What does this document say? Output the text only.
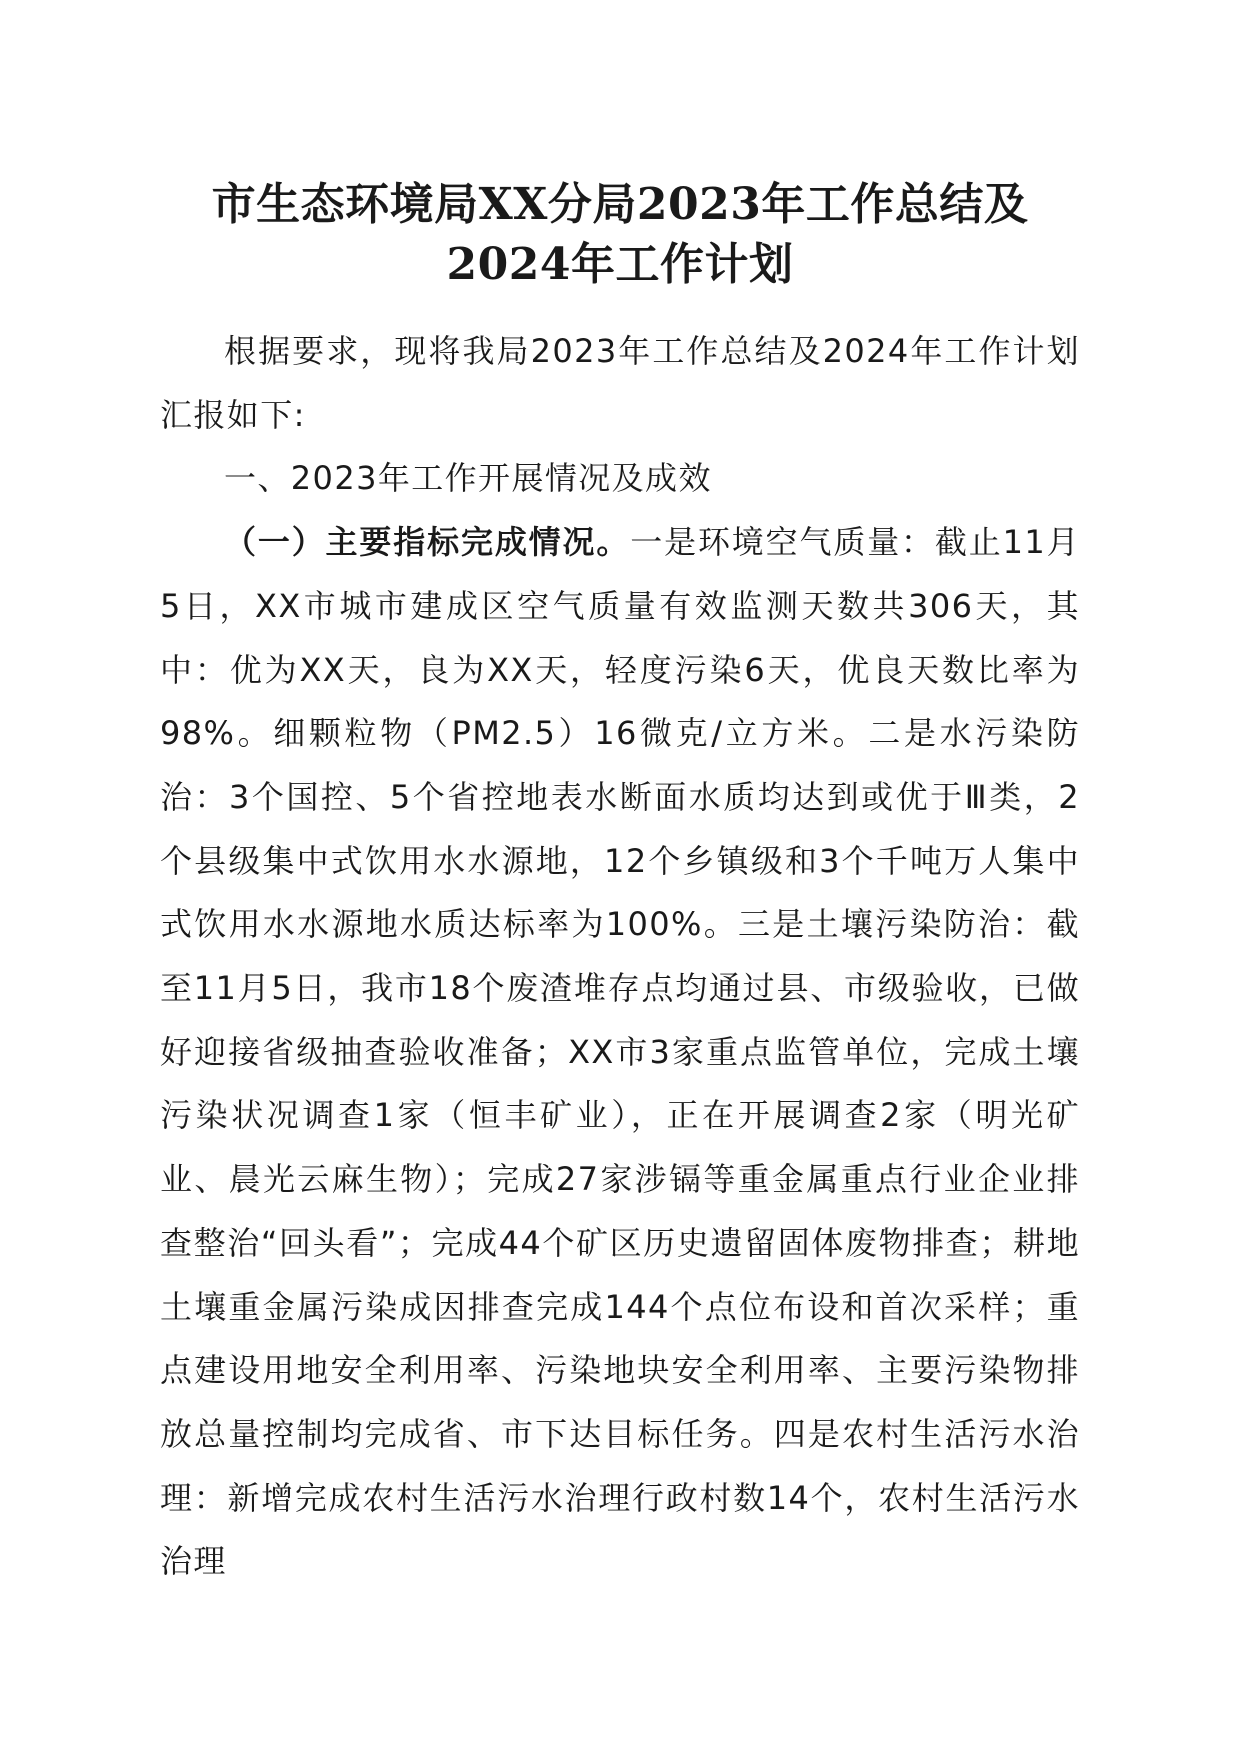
市生态环境局XX分局2023年工作总结及
2024年工作计划

根据要求，现将我局2023年工作总结及2024年工作计划汇报如下:

一、2023年工作开展情况及成效

（一）主要指标完成情况。一是环境空气质量：截止11月5日，XX市城市建成区空气质量有效监测天数共306天，其中：优为XX天，良为XX天，轻度污染6天，优良天数比率为98%。细颗粒物（PM2.5）16微克/立方米。二是水污染防治：3个国控、5个省控地表水断面水质均达到或优于Ⅲ类，2个县级集中式饮用水水源地，12个乡镇级和3个千吨万人集中式饮用水水源地水质达标率为100%。三是土壤污染防治：截至11月5日，我市18个废渣堆存点均通过县、市级验收，已做好迎接省级抽查验收准备；XX市3家重点监管单位，完成土壤污染状况调查1家（恒丰矿业），正在开展调查2家（明光矿业、晨光云麻生物）；完成27家涉镉等重金属重点行业企业排查整治“回头看”；完成44个矿区历史遗留固体废物排查；耕地土壤重金属污染成因排查完成144个点位布设和首次采样；重点建设用地安全利用率、污染地块安全利用率、主要污染物排放总量控制均完成省、市下达目标任务。四是农村生活污水治理：新增完成农村生活污水治理行政村数14个，农村生活污水治理
